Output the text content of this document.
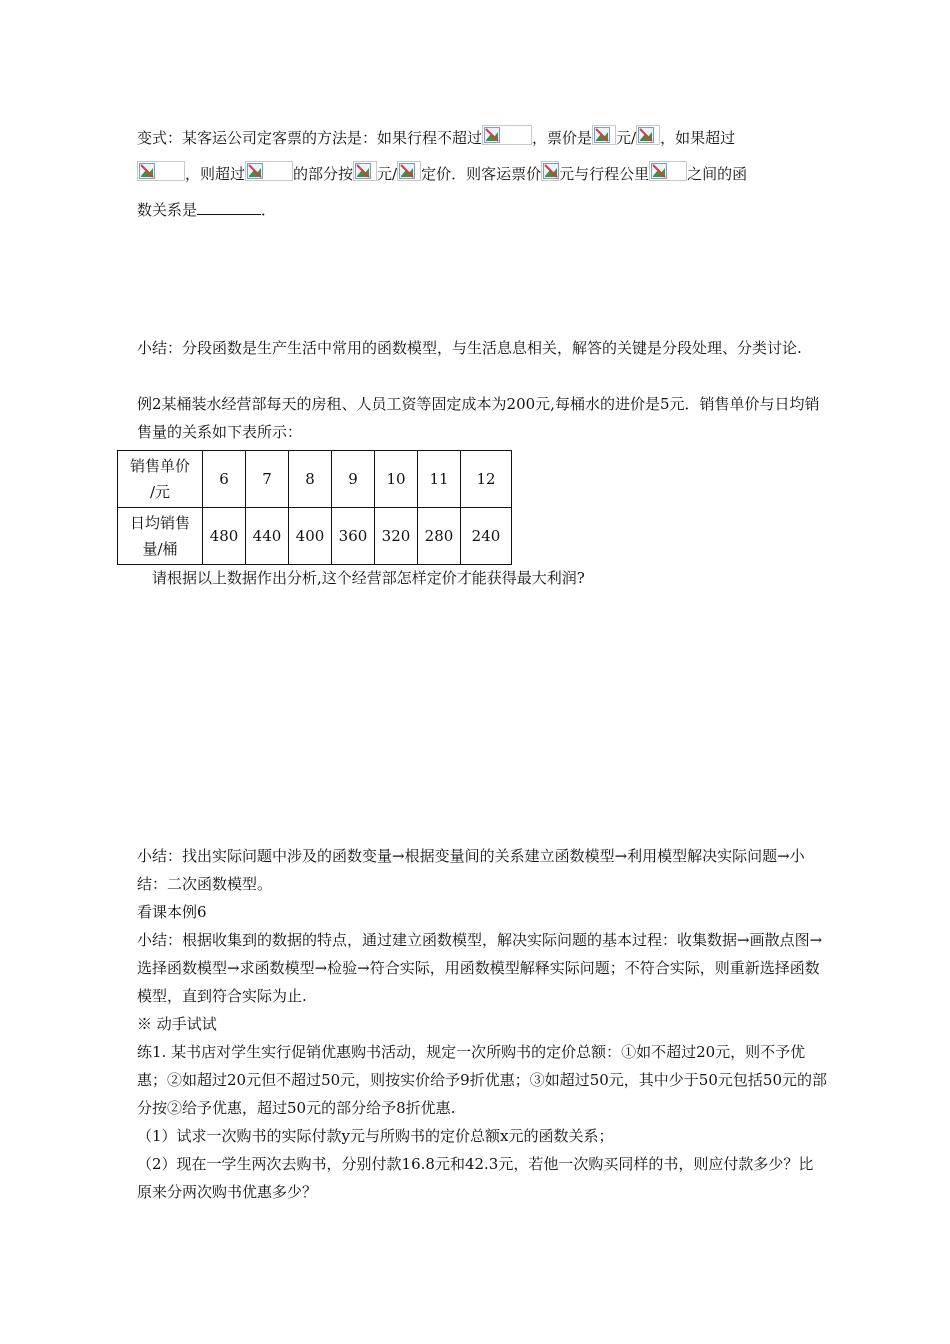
变式：某客运公司定客票的方法是：如果行程不超过	，票价是 元/ ，如果超过
，则超过	的部分按 元/ 定价．则客运票价 元与行程公里	之间的函
数关系是	．
小结：分段函数是生产生活中常用的函数模型，与生活息息相关，解答的关键是分段处理、分类讨论.
例2某桶装水经营部每天的房租、人员工资等固定成本为200元,每桶水的进价是5元．销售单价与日均销售量的关系如下表所示：
销售单价
/元	6	7	8	9	10	11	12

日均销售
量/桶	480	440	400	360	320	280	240
请根据以上数据作出分析,这个经营部怎样定价才能获得最大利润?
小结：找出实际问题中涉及的函数变量→根据变量间的关系建立函数模型→利用模型解决实际问题→小结：二次函数模型。
看课本例6
小结：根据收集到的数据的特点，通过建立函数模型，解决实际问题的基本过程：收集数据→画散点图→选择函数模型→求函数模型→检验→符合实际，用函数模型解释实际问题；不符合实际，则重新选择函数模型，直到符合实际为止.
※ 动手试试
练1. 某书店对学生实行促销优惠购书活动，规定一次所购书的定价总额：①如不超过20元，则不予优惠；②如超过20元但不超过50元，则按实价给予9折优惠；③如超过50元，其中少于50元包括50元的部分按②给予优惠，超过50元的部分给予8折优惠.
（1）试求一次购书的实际付款y元与所购书的定价总额x元的函数关系；
（2）现在一学生两次去购书，分别付款16.8元和42.3元，若他一次购买同样的书，则应付款多少？比原来分两次购书优惠多少？
